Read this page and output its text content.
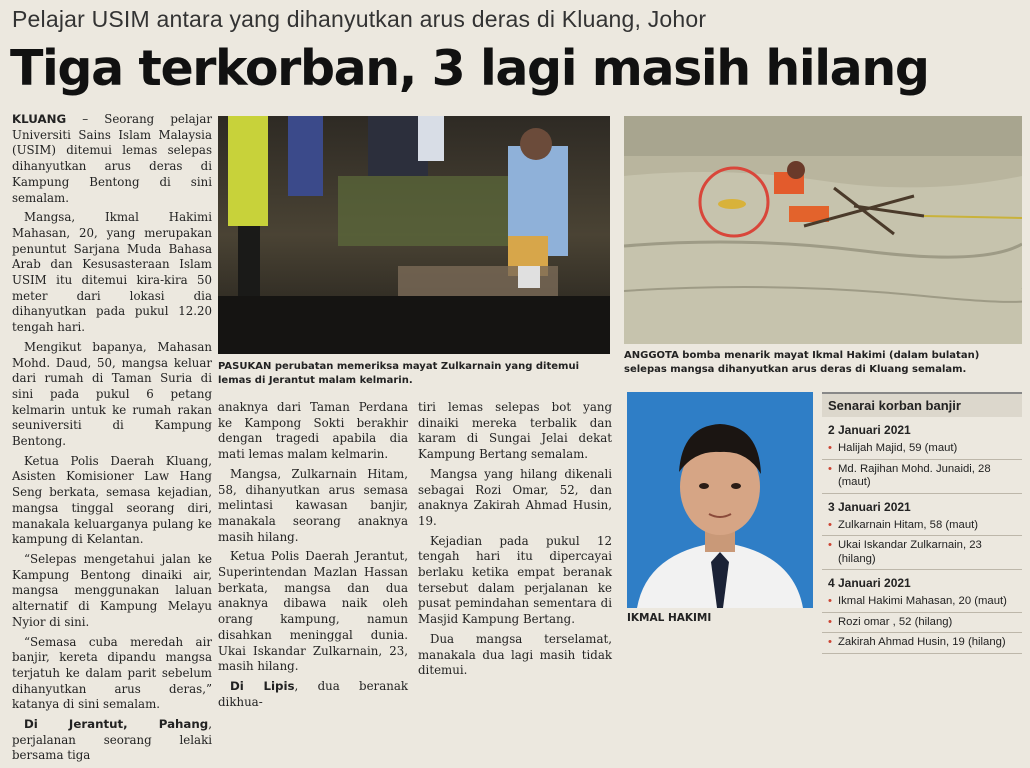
Pelajar USIM antara yang dihanyutkan arus deras di Kluang, Johor
Tiga terkorban, 3 lagi masih hilang

KLUANG – Seorang pelajar Universiti Sains Islam Malaysia (USIM) ditemui lemas selepas dihanyutkan arus deras di Kampung Bentong di sini semalam.

Mangsa, Ikmal Hakimi Mahasan, 20, yang merupakan penuntut Sarjana Muda Bahasa Arab dan Kesusasteraan Islam USIM itu ditemui kira-kira 50 meter dari lokasi dia dihanyutkan pada pukul 12.20 tengah hari.

Mengikut bapanya, Mahasan Mohd. Daud, 50, mangsa keluar dari rumah di Taman Suria di sini pada pukul 6 petang kelmarin untuk ke rumah rakan seuniversiti di Kampung Bentong.

Ketua Polis Daerah Kluang, Asisten Komisioner Law Hang Seng berkata, semasa kejadian, mangsa tinggal seorang diri, manakala keluarganya pulang ke kampung di Kelantan.

“Selepas mengetahui jalan ke Kampung Bentong dinaiki air, mangsa menggunakan laluan alternatif di Kampung Melayu Nyior di sini.

“Semasa cuba meredah air banjir, kereta dipandu mangsa terjatuh ke dalam parit sebelum dihanyutkan arus deras,” katanya di sini semalam.

Di Jerantut, Pahang, perjalanan seorang lelaki bersama tiga

PASUKAN perubatan memeriksa mayat Zulkarnain yang ditemui lemas di Jerantut malam kelmarin.
ANGGOTA bomba menarik mayat Ikmal Hakimi (dalam bulatan) selepas mangsa dihanyutkan arus deras di Kluang semalam.

anaknya dari Taman Perdana ke Kampong Sokti berakhir dengan tragedi apabila dia mati lemas malam kelmarin.

Mangsa, Zulkarnain Hitam, 58, dihanyutkan arus semasa melintasi kawasan banjir, manakala seorang anaknya masih hilang.

Ketua Polis Daerah Jerantut, Superintendan Mazlan Hassan berkata, mangsa dan dua anaknya dibawa naik oleh orang kampung, namun disahkan meninggal dunia. Ukai Iskandar Zulkarnain, 23, masih hilang.

Di Lipis, dua beranak dikhua-

tiri lemas selepas bot yang dinaiki mereka terbalik dan karam di Sungai Jelai dekat Kampung Bertang semalam.

Mangsa yang hilang dikenali sebagai Rozi Omar, 52, dan anaknya Zakirah Ahmad Husin, 19.

Kejadian pada pukul 12 tengah hari itu dipercayai berlaku ketika empat beranak tersebut dalam perjalanan ke pusat pemindahan sementara di Masjid Kampung Bertang.

Dua mangsa terselamat, manakala dua lagi masih tidak ditemui.

IKMAL HAKIMI
Senarai korban banjir
2 Januari 2021
• Halijah Majid, 59 (maut)
• Md. Rajihan Mohd. Junaidi, 28 (maut)
3 Januari 2021
• Zulkarnain Hitam, 58 (maut)
• Ukai Iskandar Zulkarnain, 23 (hilang)
4 Januari 2021
• Ikmal Hakimi Mahasan, 20 (maut)
• Rozi omar , 52 (hilang)
• Zakirah Ahmad Husin, 19 (hilang)
